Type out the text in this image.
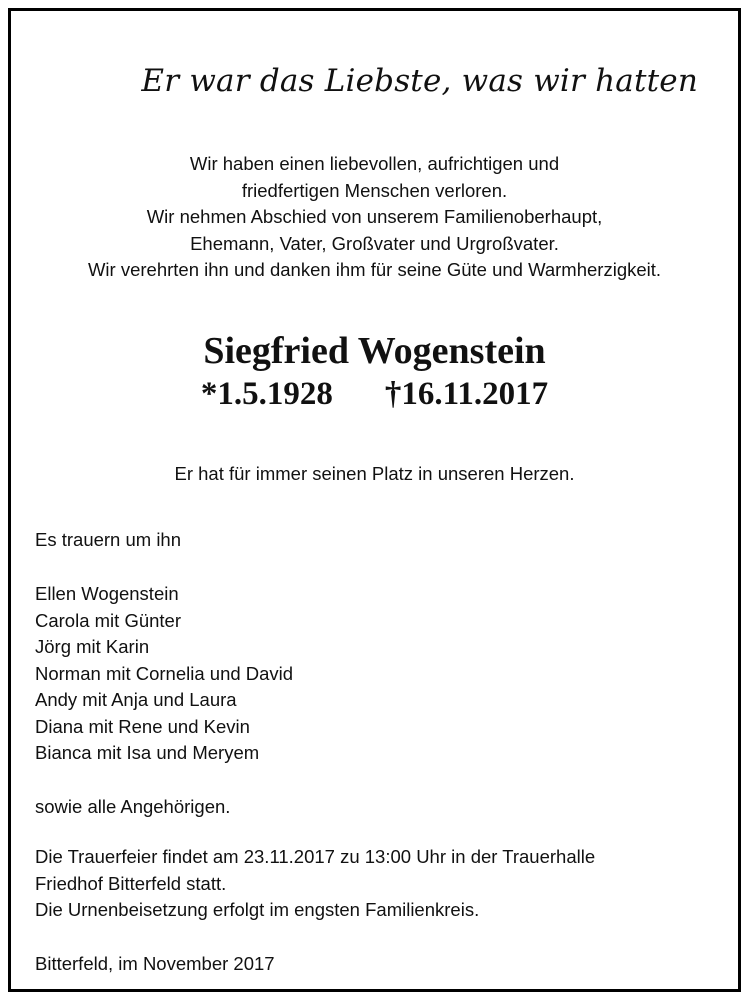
Er war das Liebste, was wir hatten
Wir haben einen liebevollen, aufrichtigen und
friedfertigen Menschen verloren.
Wir nehmen Abschied von unserem Familienoberhaupt,
Ehemann, Vater, Großvater und Urgroßvater.
Wir verehrten ihn und danken ihm für seine Güte und Warmherzigkeit.
Siegfried Wogenstein
*1.5.1928 †16.11.2017
Er hat für immer seinen Platz in unseren Herzen.
Es trauern um ihn
Ellen Wogenstein
Carola mit Günter
Jörg mit Karin
Norman mit Cornelia und David
Andy mit Anja und Laura
Diana mit Rene und Kevin
Bianca mit Isa und Meryem
sowie alle Angehörigen.
Die Trauerfeier findet am 23.11.2017 zu 13:00 Uhr in der Trauerhalle
Friedhof Bitterfeld statt.
Die Urnenbeisetzung erfolgt im engsten Familienkreis.
Bitterfeld, im November 2017
